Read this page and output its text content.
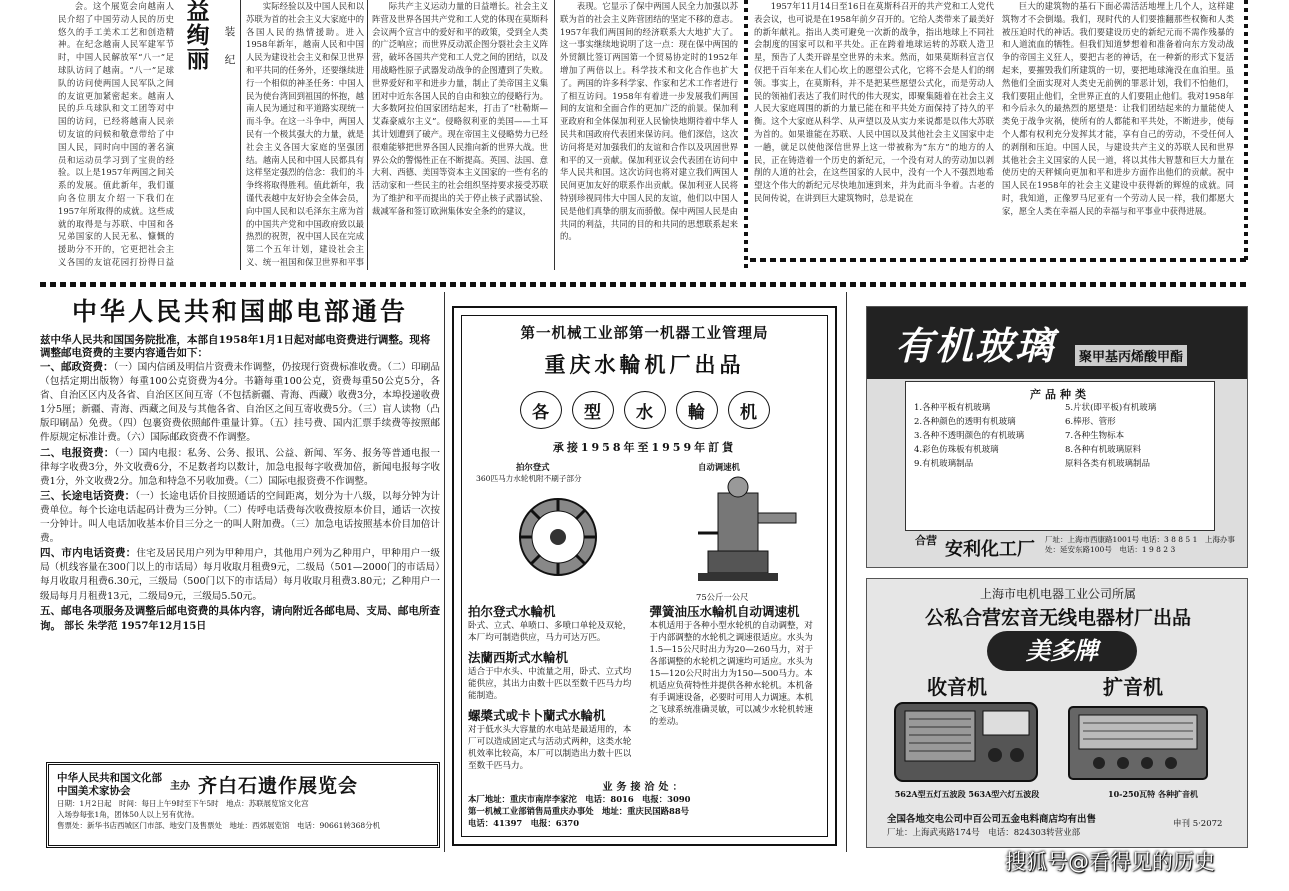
会。这个展览会向越南人民介绍了中国劳动人民的历史悠久的手工美术工艺和创造精神。在纪念越南人民军建军节时，中国人民解放军“八一”足球队访问了越南。“八一”足球队的访问使两国人民军队之间的友谊更加紧密起来。越南人民的乒乓球队和文工团等对中国的访问，已经将越南人民亲切友谊的问候和敬意带给了中国人民，同时向中国的著名演员和运动员学习到了宝贵的经验。以上是1957年两国之间关系的发展。值此新年，我们谨向各位朋友介绍一下我们在1957年所取得的成就。这些成就的取得是与苏联、中国和各兄弟国家的人民无私、慷慨的援助分不开的，它更把社会主义各国的友谊花园打扮得日益

益
绚
丽
装
纪

实际经验以及中国人民和以苏联为首的社会主义大家庭中的各国人民的热情援助。进入1958年新年，越南人民和中国人民为建设社会主义和保卫世界和平共同的任务外，还要继续进行一个相似的神圣任务：中国人民为使台湾回到祖国的怀抱，越南人民为通过和平道路实现统一而斗争。在这一斗争中，两国人民有一个极其强大的力量，就是社会主义各国大家庭的坚强团结。越南人民和中国人民都具有这样坚定强烈的信念：我们的斗争终将取得胜利。值此新年，我谨代表越中友好协会全体会员，向中国人民和以毛泽东主席为首的中国共产党和中国政府致以最热烈的祝贺，祝中国人民在完成第二个五年计划，建设社会主义、统一祖国和保卫世界和平事

际共产主义运动力量的日益增长。社会主义阵营及世界各国共产党和工人党的体现在莫斯科会议两个宣言中的爱好和平的政策，受到全人类的广泛响应；而世界反动派企图分裂社会主义阵营，破坏各国共产党和工人党之间的团结，以及用战略性原子武器发动战争的企图遭到了失败。世界爱好和平和进步力量，制止了美帝国主义集团对中近东各国人民的自由和独立的侵略行为。大多数阿拉伯国家团结起来，打击了“杜勒斯—艾森豪威尔主义”。侵略叙利亚的美国——土耳其计划遭到了破产。现在帝国主义侵略势力已经很难能够把世界各国人民推向新的世界大战。世界公众的警惕性正在不断提高。英国、法国、意大利、西德、美国等资本主义国家的一些有名的活动家和一些民主的社会组织坚持要求接受苏联为了维护和平而提出的关于停止核子武器试验、裁减军备和签订欧洲集体安全条约的建议，

表现。它显示了保中两国人民全力加强以苏联为首的社会主义阵营团结的坚定不移的意志。1957年我们两国间的经济联系大大地扩大了。这一事实继续地说明了这一点：现在保中两国的外贸额比签订两国第一个贸易协定时的1952年增加了两倍以上。科学技术和文化合作也扩大了。两国的许多科学家、作家和艺术工作者进行了相互访问。1958年有着进一步发展我们两国间的友谊和全面合作的更加广泛的前景。保加利亚政府和全体保加利亚人民愉快地期待着中华人民共和国政府代表团来保访问。他们深信，这次访问将是对加强我们的友谊和合作以及巩固世界和平的又一贡献。保加利亚议会代表团在访问中华人民共和国。这次访问也将对建立我们两国人民间更加友好的联系作出贡献。保加利亚人民将特别珍视同伟大中国人民的友谊，他们以中国人民是他们真挚的朋友而骄傲。保中两国人民是由共同的利益，共同的目的和共同的思想联系起来的。

1957年11月14日至16日在莫斯科召开的共产党和工人党代表会议，也可说是在1958年前夕召开的。它给人类带来了最美好的新年献礼。指出人类可避免一次新的战争，指出地球上不同社会制度的国家可以和平共处。正在跨着地球运转的苏联人造卫星，预告了人类开辟星空世界的未来。然而，如果莫斯科宣言仅仅把千百年来在人们心坎上的愿望公式化，它将不会是人们的纲领。事实上，在莫斯科，并不是把某些愿望公式化，而是劳动人民的领袖们表达了我们时代的伟大现实，即聚集随着在社会主义人民大家庭周围的新的力量已能在和平共处方面保持了持久的平衡。这个大家庭从科学、从声望以及从实力来说都是以伟大苏联为首的。如果谁能在苏联、人民中国以及其他社会主义国家中走一趟，就足以使他深信世界上这一带被称为“东方”的地方的人民，正在铸造着一个历史的新纪元，一个没有对人的劳动加以剥削的人道的社会，在这些国家的人民中，没有一个人不强烈地希望这个伟大的新纪元尽快地加速到来，并为此而斗争着。古老的民间传说，在讲到巨大建筑物时，总是说在

巨大的建筑物的基石下面必需活活地埋上几个人，这样建筑物才不会倒塌。我们，现时代的人们要推翻那些权衡和人类被压迫时代的神话。我们要建设历史的新纪元而不需作残暴的和人道流血的牺牲。但我们知道梦想着和准备着向东方发动战争的帝国主义狂人，要把古老的神话，在一种新的形式下复活起来，要摧毁我们所建筑的一切，要把地球淹没在血泊里。虽然他们全面实现对人类史无前例的罪恶计划，我们不怕他们，我们要阻止他们，全世界正直的人们要阻止他们。我对1958年和今后永久的最热烈的愿望是：让我们团结起来的力量能使人类免于战争灾祸，使所有的人都能和平共处，不断进步，使每个人都有权利充分发挥其才能，享有自己的劳动，不受任何人的剥削和压迫。中国人民，与建设共产主义的苏联人民和世界其他社会主义国家的人民一道，将以其伟大智慧和巨大力量在使历史的天秤倾向更加和平和进步方面作出他们的贡献。祝中国人民在1958年的社会主义建设中获得新的辉煌的成就。同时，我知道，正像罗马尼亚有一个劳动人民一样，我们都愿大家，愿全人类在幸福人民的幸福与和平事业中获得进展。

中华人民共和国邮电部通告
兹中华人民共和国国务院批准，本部自1958年1月1日起对邮电资费进行调整。现将调整邮电资费的主要内容通告如下：
一、邮政资费：（一）国内信函及明信片资费未作调整，仍按现行资费标准收费。（二）印刷品（包括定期出版物）每重100公克资费为4分。书籍每重100公克，资费每重50公克5分，各省、自治区区内及各省、自治区区间互寄（不包括新疆、青海、西藏）收费3分，本埠投递收费1分5厘；新疆、青海、西藏之间及与其他各省、自治区之间互寄收费5分。（三）盲人读物（凸版印刷品）免费。（四）包裹资费依照邮件重量计算。（五）挂号费、国内汇票手续费等按照邮件原规定标准计费。（六）国际邮政资费不作调整。
二、电报资费：（一）国内电报：私务、公务、报讯、公益、新闻、军务、报务等普通电报一律每字收费3分，外文收费6分，不足数者均以数计，加急电报每字收费加倍，新闻电报每字收费1分，外文收费2分。加急和特急不另收加费。（二）国际电报资费不作调整。
三、长途电话资费：（一）长途电话价目按照通话的空间距离，划分为十八级，以每分钟为计费单位。每个长途电话起码计费为三分钟。（二）传呼电话费每次收费按原本价目，通话一次按一分钟计。叫人电话加收基本价目三分之一的叫人附加费。（三）加急电话按照基本价目加倍计费。
四、市内电话资费：住宅及居民用户列为甲种用户，其他用户列为乙种用户，甲种用户一级局（机线容量在300门以上的市话局）每月收取月租费9元，二级局（501—2000门的市话局）每月收取月租费6.30元，三级局（500门以下的市话局）每月收取月租费3.80元；乙种用户一级局每月月租费13元，二级局9元，三级局5.50元。
五、邮电各项服务及调整后邮电资费的具体内容，请向附近各邮电局、支局、邮电所查询。 部长 朱学范 1957年12月15日
中华人民共和国文化部
中国美术家协会	主办 齐白石遗作展览会
日期：1月2日起　时间：每日上午9时至下午5时　地点：苏联展览馆文化宫
入场券每张1角，团体50人以上另有优待。
售票处：新华书店西城区门市部、地安门及售票处　地址：西郊展览馆　电话：90661转368分机
第一机械工业部第一机器工业管理局
重庆水輪机厂出品
各	型	水	輪	机
承接1958年至1959年訂貨
拍尔登式
360匹马力水轮机附不刷子部分
自动调速机
75公斤一公尺
拍尔登式水輪机
卧式、立式、单喷口、多喷口单轮及双轮，本厂均可制造供应，马力可达万匹。
法蘭西斯式水輪机
适合于中水头、中流量之用，卧式、立式均能供应，其出力由数十匹以至数千匹马力均能制造。
螺槳式或卡卜蘭式水輪机
对于低水头大容量的水电站是最适用的，本厂可以造成固定式与活动式两种，这类水轮机效率比较高，本厂可以制造出力数十匹以至数千匹马力。
彈簧油压水輪机自动调速机
本机适用于各种小型水轮机的自动调整，对于内部调整的水轮机之调速很适应。水头为1.5—15公尺时出力为20—260马力，对于各部调整的水轮机之调速均可适应。水头为15—120公尺时出力为150—500马力。本机适应负荷特性并提供各种水轮机。本机备有手调速设备，必要时可用人力调速。本机之飞球系统准确灵敏，可以减少水轮机转速的差动。
业务接洽处：
本厂地址：重庆市南岸李家沱　电话：8016　电报：3090
第一机械工业部销售局重庆办事处　地址：重庆民国路88号
电话：41397　电报：6370
有机玻璃	聚甲基丙烯酸甲酯
产品种类
1.各种平板有机玻璃	5.片状(即平板)有机玻璃
2.各种颜色的透明有机玻璃	6.棒形、管形
3.各种不透明颜色的有机玻璃	7.各种生物标本
4.彩色仿珠板有机玻璃	8.各种有机玻璃原料
9.有机玻璃制品	原料各类有机玻璃制品
合营 安利化工厂 厂址：上海市西康路1001号 电话：3 8 8 5 1　上海办事处：延安东路100号　电话：1 9 8 2 3
上海市电机电器工业公司所属
公私合营宏音无线电器材厂出品
美多牌
收音机	扩音机
562A型五灯五波段 563A型六灯五波段	10-250瓦特 各种扩音机
全国各地交电公司中百公司五金电料商店均有出售
厂址：上海武夷路174号　电话：824303转营业部
申刊 5·2072
搜狐号@看得见的历史
